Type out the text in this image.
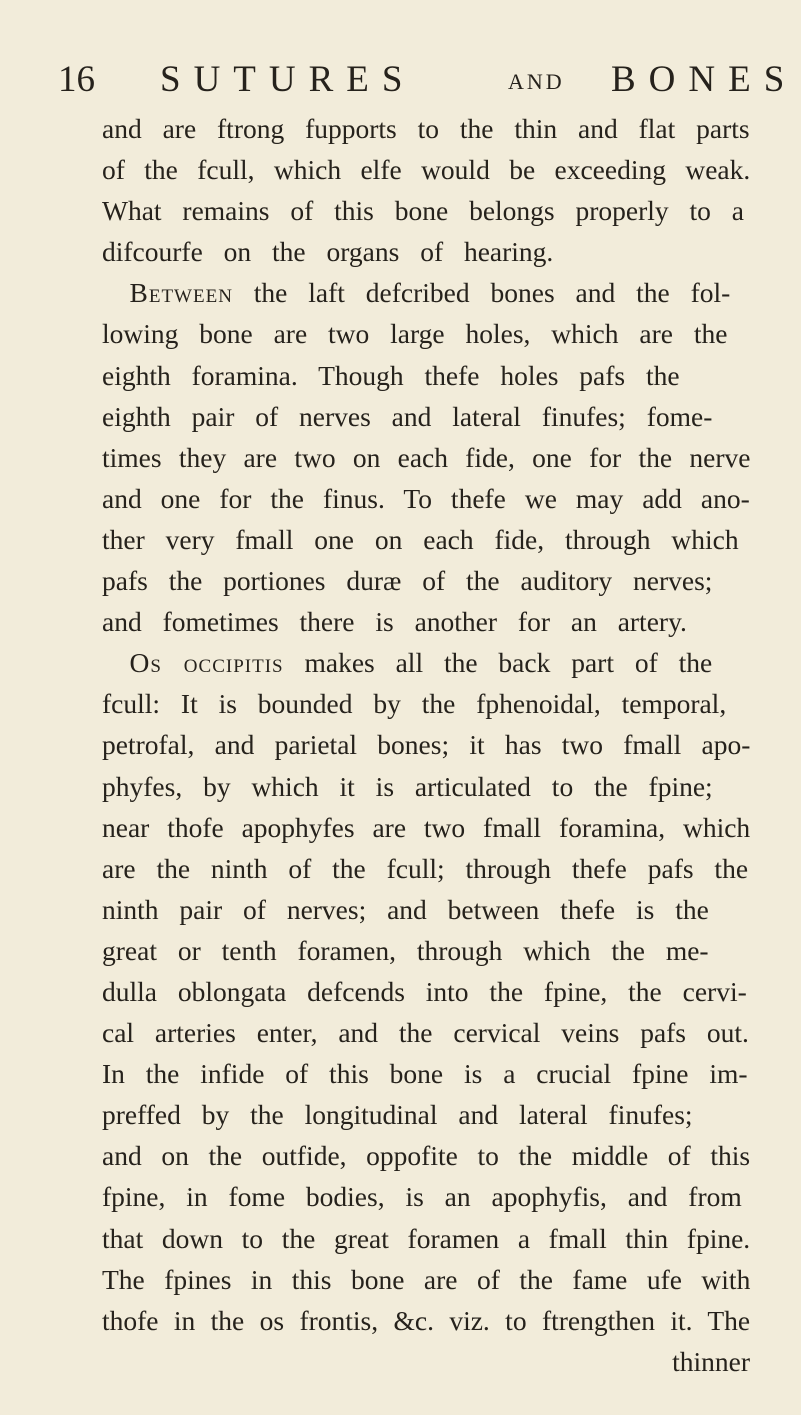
16 SUTURES	AND BONES
and are ftrong fupports to the thin and flat parts
of the fcull, which elfe would be exceeding weak.
What remains of this bone belongs properly to a
difcourfe on the organs of hearing.
 Between the laft defcribed bones and the fol-
lowing bone are two large holes, which are the
eighth foramina. Though thefe holes pafs the
eighth pair of nerves and lateral finufes; fome-
times they are two on each fide, one for the nerve
and one for the finus. To thefe we may add ano-
ther very fmall one on each fide, through which
pafs the portiones duræ of the auditory nerves;
and fometimes there is another for an artery.
 Os occipitis makes all the back part of the
fcull: It is bounded by the fphenoidal, temporal,
petrofal, and parietal bones; it has two fmall apo-
phyfes, by which it is articulated to the fpine;
near thofe apophyfes are two fmall foramina, which
are the ninth of the fcull; through thefe pafs the
ninth pair of nerves; and between thefe is the
great or tenth foramen, through which the me-
dulla oblongata defcends into the fpine, the cervi-
cal arteries enter, and the cervical veins pafs out.
In the infide of this bone is a crucial fpine im-
preffed by the longitudinal and lateral finufes;
and on the outfide, oppofite to the middle of this
fpine, in fome bodies, is an apophyfis, and from
that down to the great foramen a fmall thin fpine.
The fpines in this bone are of the fame ufe with
thofe in the os frontis, &c. viz. to ftrengthen it. The
thinner
